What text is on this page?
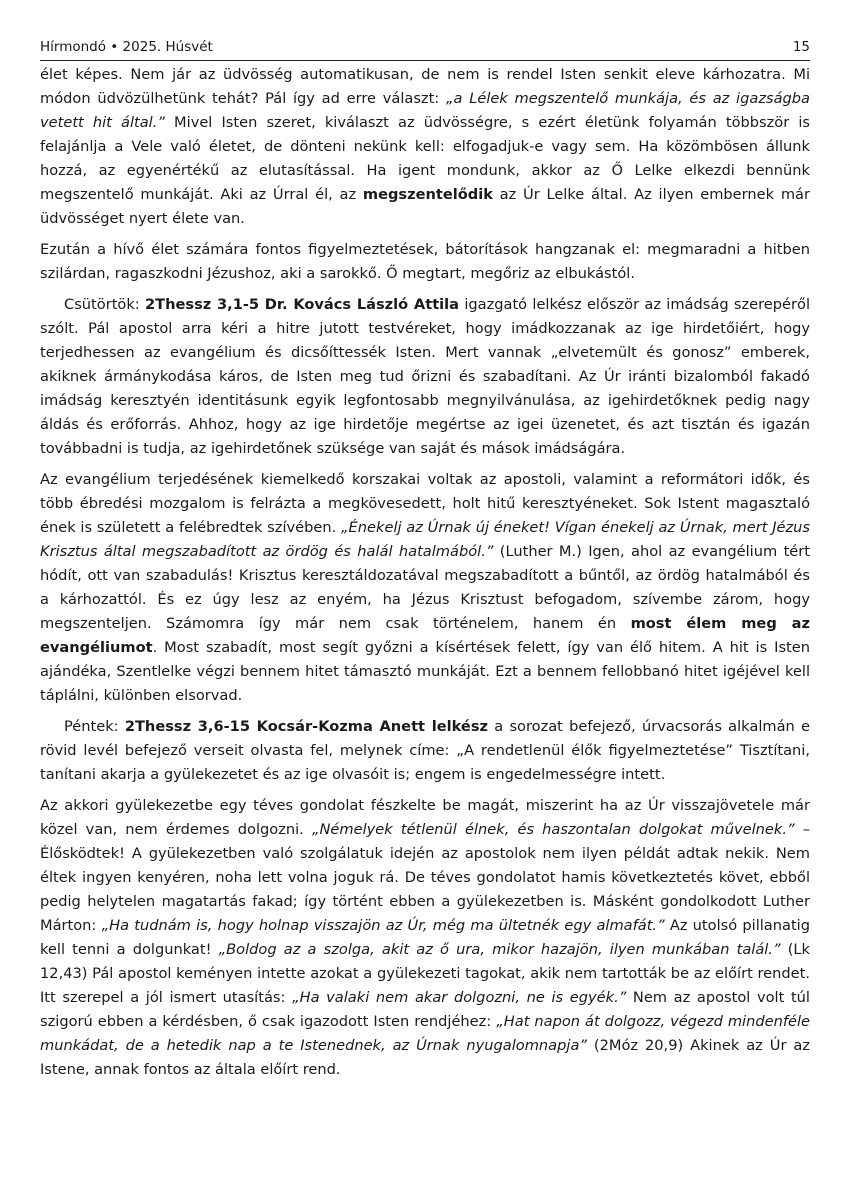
Hírmondó • 2025. Húsvét	15

élet képes. Nem jár az üdvösség automatikusan, de nem is rendel Isten senkit eleve kárhozatra. Mi módon üdvözülhetünk tehát? Pál így ad erre választ: „a Lélek megszentelő munkája, és az igazságba vetett hit által.” Mivel Isten szeret, kiválaszt az üdvösségre, s ezért életünk folyamán többször is felajánlja a Vele való életet, de dönteni nekünk kell: elfogadjuk-e vagy sem. Ha közömbösen állunk hozzá, az egyenértékű az elutasítással. Ha igent mondunk, akkor az Ő Lelke elkezdi bennünk megszentelő munkáját. Aki az Úrral él, az megszentelődik az Úr Lelke által. Az ilyen embernek már üdvösséget nyert élete van.

Ezután a hívő élet számára fontos figyelmeztetések, bátorítások hangzanak el: megmaradni a hitben szilárdan, ragaszkodni Jézushoz, aki a sarokkő. Ő megtart, megőriz az elbukástól.

Csütörtök: 2Thessz 3,1-5 Dr. Kovács László Attila igazgató lelkész először az imádság szerepéről szólt. Pál apostol arra kéri a hitre jutott testvéreket, hogy imádkozzanak az ige hirdetőiért, hogy terjedhessen az evangélium és dicsőíttessék Isten. Mert vannak „elvetemült és gonosz” emberek, akiknek ármánykodása káros, de Isten meg tud őrizni és szabadítani. Az Úr iránti bizalomból fakadó imádság keresztyén identitásunk egyik legfontosabb megnyilvánulása, az igehirdetőknek pedig nagy áldás és erőforrás. Ahhoz, hogy az ige hirdetője megértse az igei üzenetet, és azt tisztán és igazán továbbadni is tudja, az igehirdetőnek szüksége van saját és mások imádságára.

Az evangélium terjedésének kiemelkedő korszakai voltak az apostoli, valamint a reformátori idők, és több ébredési mozgalom is felrázta a megkövesedett, holt hitű keresztyéneket. Sok Istent magasztaló ének is született a felébredtek szívében. „Énekelj az Úrnak új éneket! Vígan énekelj az Úrnak, mert Jézus Krisztus által megszabadított az ördög és halál hatalmából.” (Luther M.) Igen, ahol az evangélium tért hódít, ott van szabadulás! Krisztus keresztáldozatával megszabadított a bűntől, az ördög hatalmából és a kárhozattól. És ez úgy lesz az enyém, ha Jézus Krisztust befogadom, szívembe zárom, hogy megszenteljen. Számomra így már nem csak történelem, hanem én most élem meg az evangéliumot. Most szabadít, most segít győzni a kísértések felett, így van élő hitem. A hit is Isten ajándéka, Szentlelke végzi bennem hitet támasztó munkáját. Ezt a bennem fellobbanó hitet igéjével kell táplálni, különben elsorvad.

Péntek: 2Thessz 3,6-15 Kocsár-Kozma Anett lelkész a sorozat befejező, úrvacsorás alkalmán e rövid levél befejező verseit olvasta fel, melynek címe: „A rendetlenül élők figyelmeztetése” Tisztítani, tanítani akarja a gyülekezetet és az ige olvasóit is; engem is engedelmességre intett.

Az akkori gyülekezetbe egy téves gondolat fészkelte be magát, miszerint ha az Úr visszajövetele már közel van, nem érdemes dolgozni. „Némelyek tétlenül élnek, és haszontalan dolgokat művelnek.” – Élősködtek! A gyülekezetben való szolgálatuk idején az apostolok nem ilyen példát adtak nekik. Nem éltek ingyen kenyéren, noha lett volna joguk rá. De téves gondolatot hamis következtetés követ, ebből pedig helytelen magatartás fakad; így történt ebben a gyülekezetben is. Másként gondolkodott Luther Márton: „Ha tudnám is, hogy holnap visszajön az Úr, még ma ültetnék egy almafát.” Az utolsó pillanatig kell tenni a dolgunkat! „Boldog az a szolga, akit az ő ura, mikor hazajön, ilyen munkában talál.” (Lk 12,43) Pál apostol keményen intette azokat a gyülekezeti tagokat, akik nem tartották be az előírt rendet. Itt szerepel a jól ismert utasítás: „Ha valaki nem akar dolgozni, ne is egyék.” Nem az apostol volt túl szigorú ebben a kérdésben, ő csak igazodott Isten rendjéhez: „Hat napon át dolgozz, végezd mindenféle munkádat, de a hetedik nap a te Istenednek, az Úrnak nyugalomnapja” (2Móz 20,9) Akinek az Úr az Istene, annak fontos az általa előírt rend.
